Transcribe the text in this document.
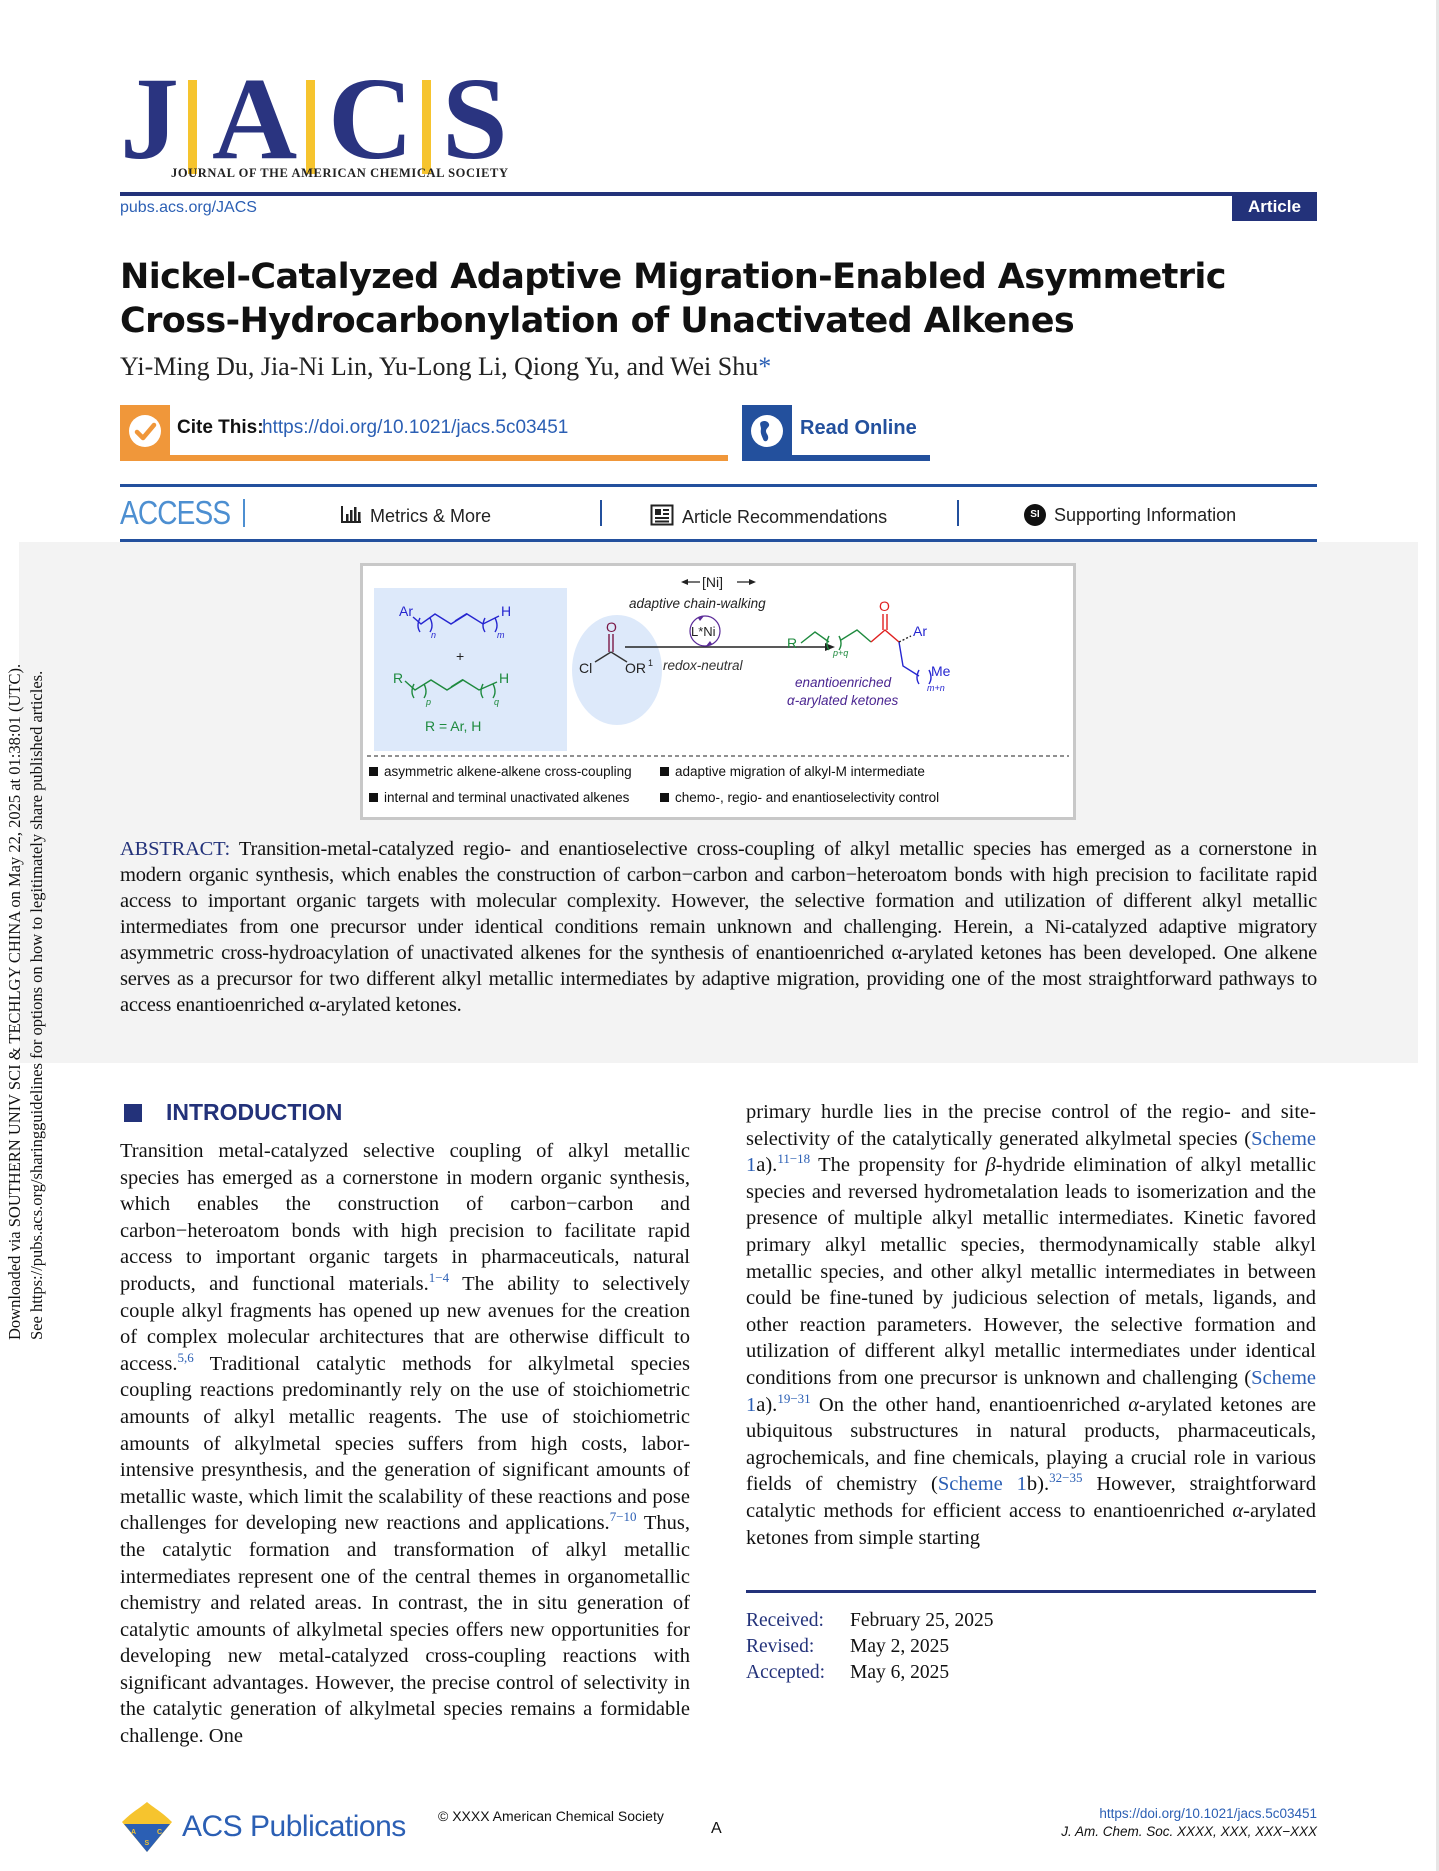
J A C S
JOURNAL OF THE AMERICAN CHEMICAL SOCIETY
pubs.acs.org/JACS	Article
Nickel-Catalyzed Adaptive Migration-Enabled Asymmetric Cross-Hydrocarbonylation of Unactivated Alkenes
Yi-Ming Du, Jia-Ni Lin, Yu-Long Li, Qiong Yu, and Wei Shu*
Cite This:
https://doi.org/10.1021/jacs.5c03451	Read Online
ACCESS	Metrics & More	Article Recommendations	SI Supporting Information
Ar	H
n	m
+
R	H
p	q
R = Ar, H
O
Cl OR 1
[Ni]
adaptive chain-walking
L*Ni
redox-neutral
R
p+q
O
Ar
Me
m+n
enantioenriched
α-arylated ketones
asymmetric alkene-alkene cross-coupling	adaptive migration of alkyl-M intermediate
internal and terminal unactivated alkenes	chemo-, regio- and enantioselectivity control
ABSTRACT: Transition-metal-catalyzed regio- and enantioselective cross-coupling of alkyl metallic species has emerged as a cornerstone in modern organic synthesis, which enables the construction of carbon−carbon and carbon−heteroatom bonds with high precision to facilitate rapid access to important organic targets with molecular complexity. However, the selective formation and utilization of different alkyl metallic intermediates from one precursor under identical conditions remain unknown and challenging. Herein, a Ni-catalyzed adaptive migratory asymmetric cross-hydroacylation of unactivated alkenes for the synthesis of enantioenriched α-arylated ketones has been developed. One alkene serves as a precursor for two different alkyl metallic intermediates by adaptive migration, providing one of the most straightforward pathways to access enantioenriched α-arylated ketones.
Downloaded via SOUTHERN UNIV SCI & TECHLGY CHINA on May 22, 2025 at 01:38:01 (UTC). See https://pubs.acs.org/sharingguidelines for options on how to legitimately share published articles.	INTRODUCTION
Transition metal-catalyzed selective coupling of alkyl metallic species has emerged as a cornerstone in modern organic synthesis, which enables the construction of carbon−carbon and carbon−heteroatom bonds with high precision to facilitate rapid access to important organic targets in pharmaceuticals, natural products, and functional materials.$^{1-4}$ The ability to selectively couple alkyl fragments has opened up new avenues for the creation of complex molecular architectures that are otherwise difficult to access.$^{5,6}$ Traditional catalytic methods for alkylmetal species coupling reactions predominantly rely on the use of stoichiometric amounts of alkyl metallic reagents. The use of stoichiometric amounts of alkylmetal species suffers from high costs, labor-intensive presynthesis, and the generation of significant amounts of metallic waste, which limit the scalability of these reactions and pose challenges for developing new reactions and applications.$^{7-10}$ Thus, the catalytic formation and transformation of alkyl metallic intermediates represent one of the central themes in organometallic chemistry and related areas. In contrast, the in situ generation of catalytic amounts of alkylmetal species offers new opportunities for developing new metal-catalyzed cross-coupling reactions with significant advantages. However, the precise control of selectivity in the catalytic generation of alkylmetal species remains a formidable challenge. One
primary hurdle lies in the precise control of the regio- and site-selectivity of the catalytically generated alkylmetal species (Scheme 1a).$^{11-18}$ The propensity for β-hydride elimination of alkyl metallic species and reversed hydrometalation leads to isomerization and the presence of multiple alkyl metallic intermediates. Kinetic favored primary alkyl metallic species, thermodynamically stable alkyl metallic species, and other alkyl metallic intermediates in between could be fine-tuned by judicious selection of metals, ligands, and other reaction parameters. However, the selective formation and utilization of different alkyl metallic intermediates under identical conditions from one precursor is unknown and challenging (Scheme 1a).$^{19-31}$ On the other hand, enantioenriched α-arylated ketones are ubiquitous substructures in natural products, pharmaceuticals, agrochemicals, and fine chemicals, playing a crucial role in various fields of chemistry (Scheme 1b).$^{32-35}$ However, straightforward catalytic methods for efficient access to enantioenriched α-arylated ketones from simple starting
Received: February 25, 2025
Revised: May 2, 2025
Accepted: May 6, 2025
A	C
S
ACS Publications © XXXX American Chemical Society
A
https://doi.org/10.1021/jacs.5c03451
J. Am. Chem. Soc. XXXX, XXX, XXX−XXX
